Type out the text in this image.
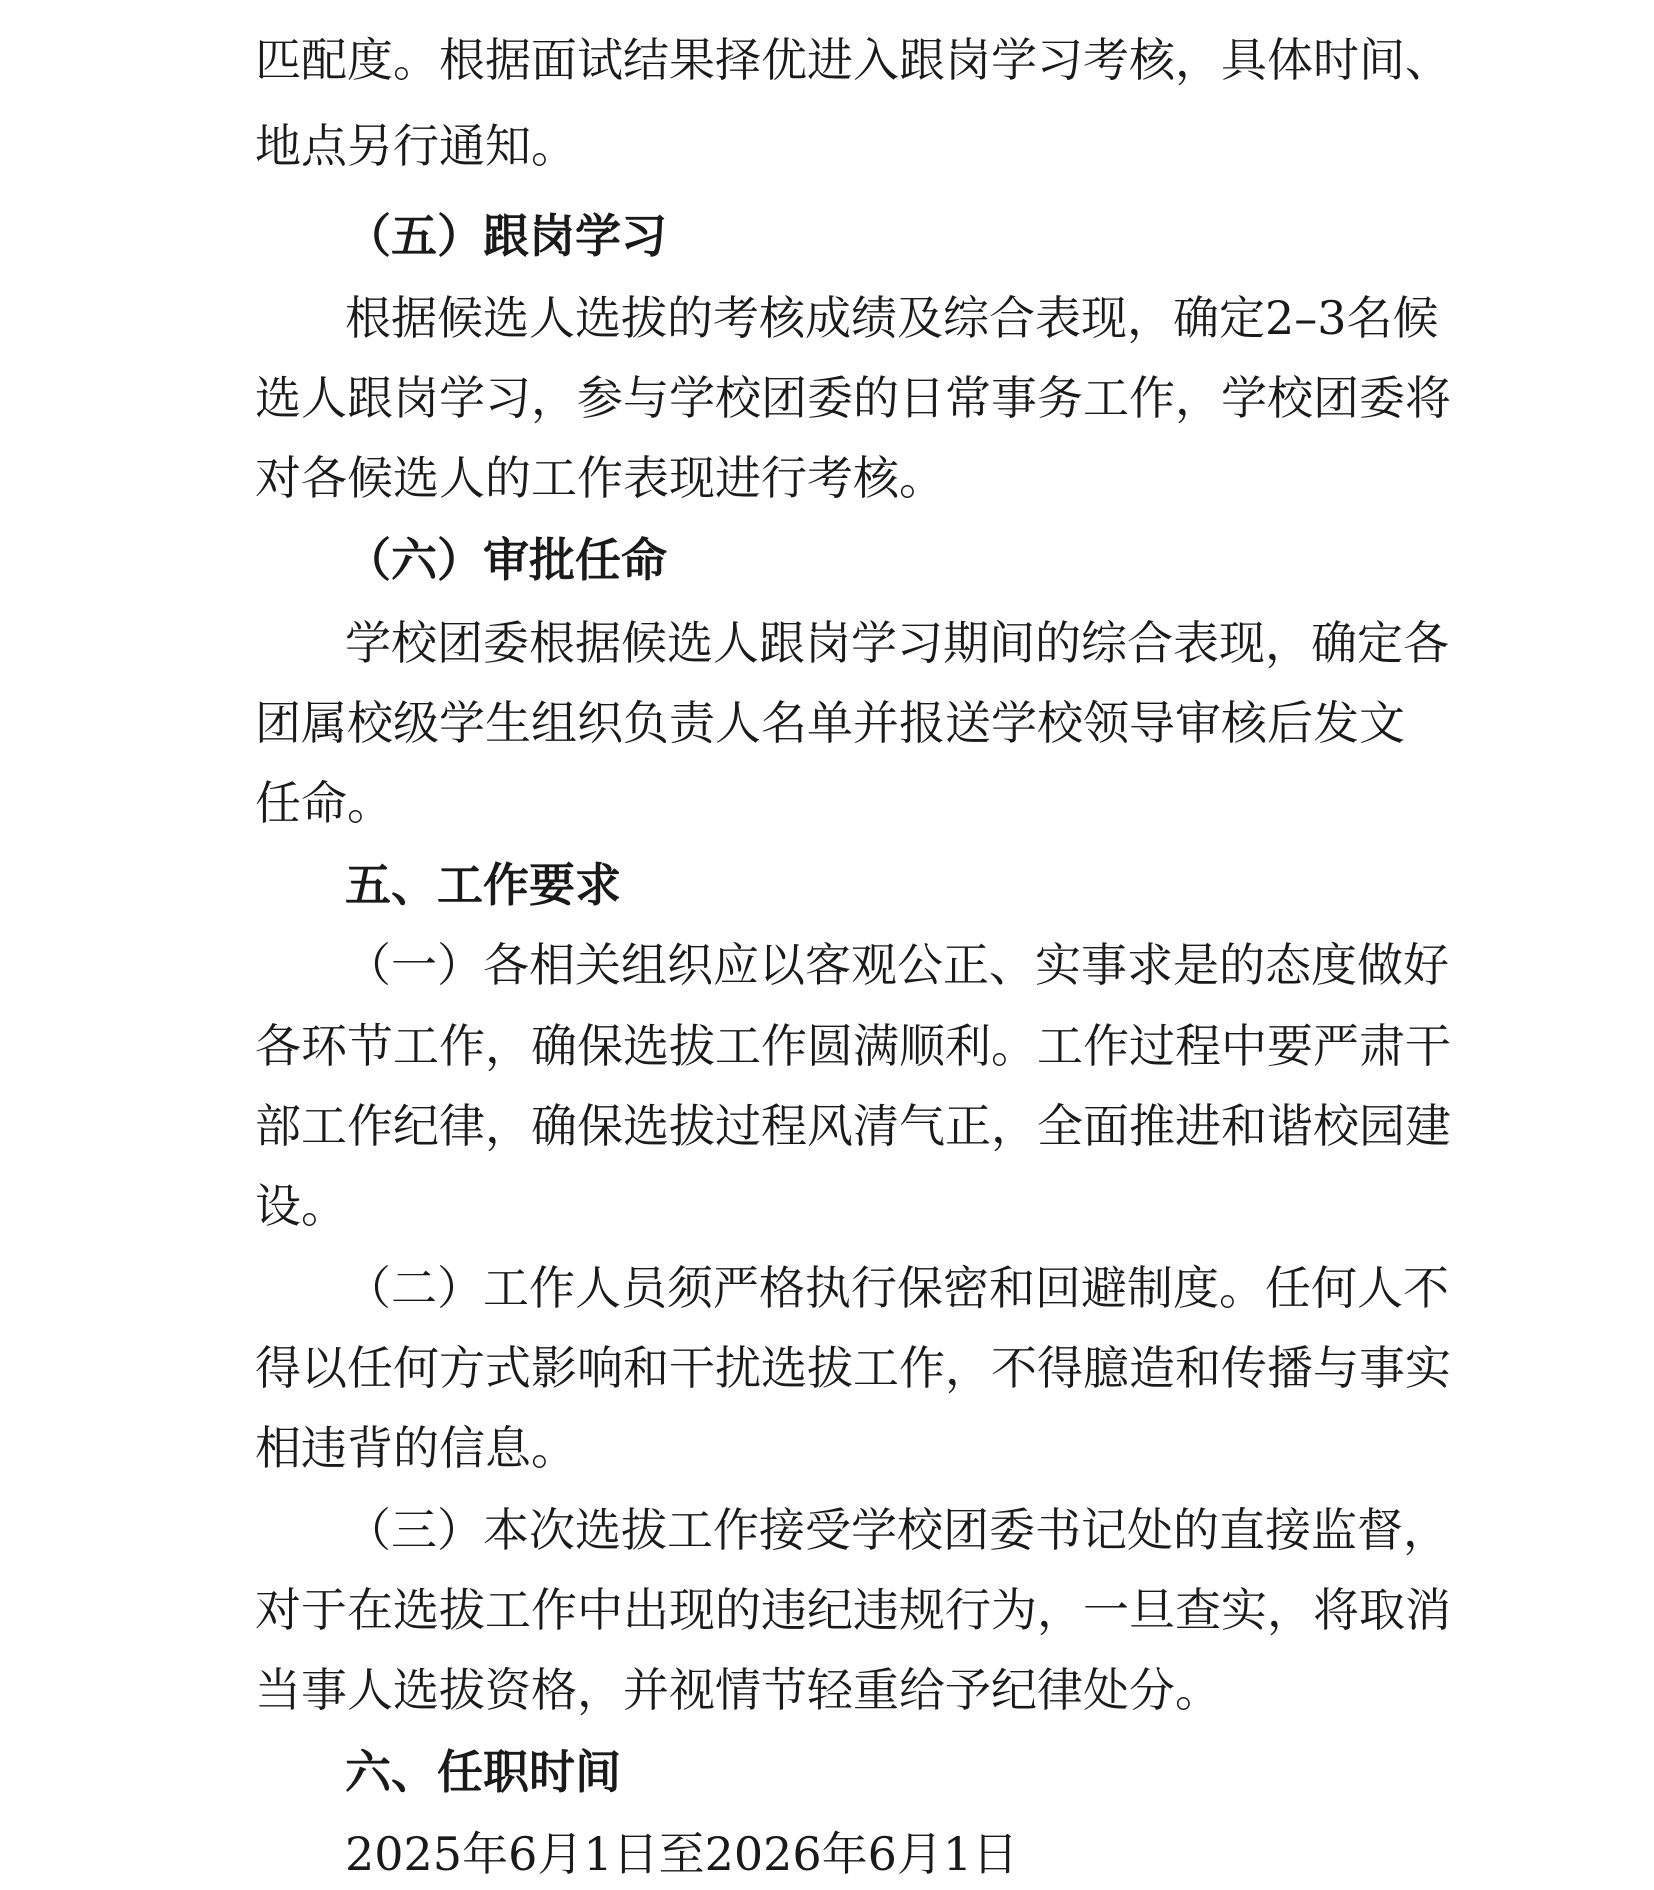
匹配度。根据面试结果择优进入跟岗学习考核，具体时间、
地点另行通知。
（五）跟岗学习
根据候选人选拔的考核成绩及综合表现，确定2–3名候
选人跟岗学习，参与学校团委的日常事务工作，学校团委将
对各候选人的工作表现进行考核。
（六）审批任命
学校团委根据候选人跟岗学习期间的综合表现，确定各
团属校级学生组织负责人名单并报送学校领导审核后发文
任命。
五、工作要求
（一）各相关组织应以客观公正、实事求是的态度做好
各环节工作，确保选拔工作圆满顺利。工作过程中要严肃干
部工作纪律，确保选拔过程风清气正，全面推进和谐校园建
设。
（二）工作人员须严格执行保密和回避制度。任何人不
得以任何方式影响和干扰选拔工作，不得臆造和传播与事实
相违背的信息。
（三）本次选拔工作接受学校团委书记处的直接监督，
对于在选拔工作中出现的违纪违规行为，一旦查实，将取消
当事人选拔资格，并视情节轻重给予纪律处分。
六、任职时间
2025年6月1日至2026年6月1日
